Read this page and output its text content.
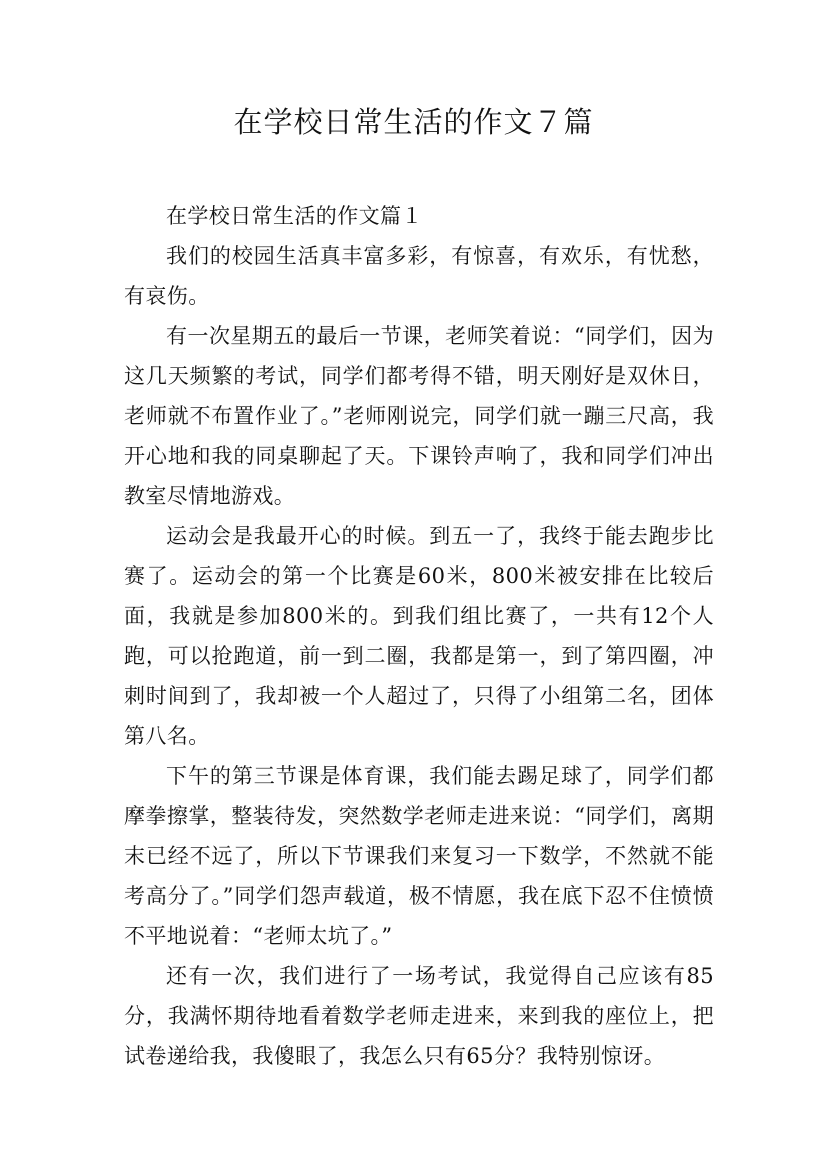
在学校日常生活的作文７篇

在学校日常生活的作文篇１

我们的校园生活真丰富多彩，有惊喜，有欢乐，有忧愁，有哀伤。

有一次星期五的最后一节课，老师笑着说：“同学们，因为这几天频繁的考试，同学们都考得不错，明天刚好是双休日，老师就不布置作业了。”老师刚说完，同学们就一蹦三尺高，我开心地和我的同桌聊起了天。下课铃声响了，我和同学们冲出教室尽情地游戏。

运动会是我最开心的时候。到五一了，我终于能去跑步比赛了。运动会的第一个比赛是60米，800米被安排在比较后面，我就是参加800米的。到我们组比赛了，一共有12个人跑，可以抢跑道，前一到二圈，我都是第一，到了第四圈，冲刺时间到了，我却被一个人超过了，只得了小组第二名，团体第八名。

下午的第三节课是体育课，我们能去踢足球了，同学们都摩拳擦掌，整装待发，突然数学老师走进来说：“同学们，离期末已经不远了，所以下节课我们来复习一下数学，不然就不能考高分了。”同学们怨声载道，极不情愿，我在底下忍不住愤愤不平地说着：“老师太坑了。”

还有一次，我们进行了一场考试，我觉得自己应该有85分，我满怀期待地看着数学老师走进来，来到我的座位上，把试卷递给我，我傻眼了，我怎么只有65分？我特别惊讶。
